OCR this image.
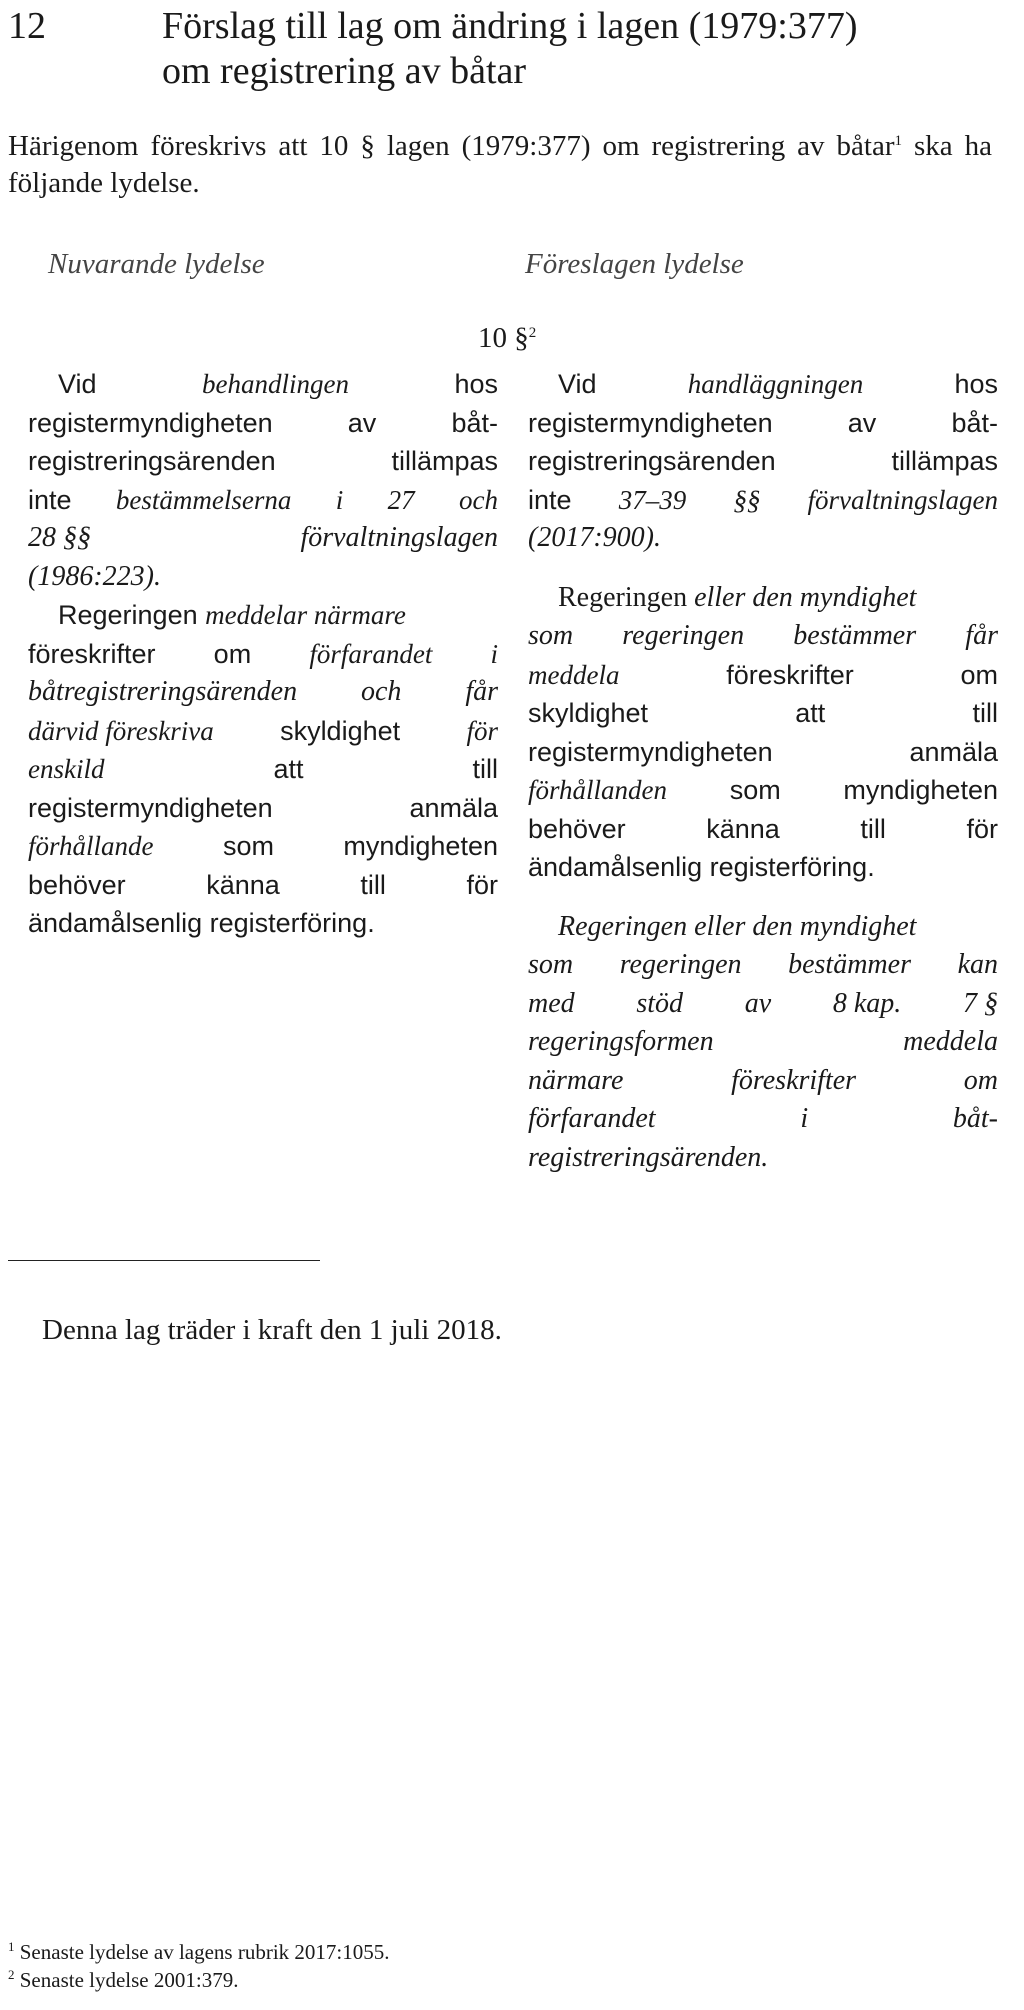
12	Förslag till lag om ändring i lagen (1979:377)
om registrering av båtar
Härigenom föreskrivs att 10 § lagen (1979:377) om registrering av båtar$^1$ ska ha följande lydelse.
Nuvarande lydelse	Föreslagen lydelse
10 §$^2$
Vid	behandlingen	hos
registermyndigheten	av	båt-
registreringsärenden	tillämpas
inte bestämmelserna i 27 och
28 §§	förvaltningslagen
(1986:223).
Regeringen meddelar närmare
föreskrifter om förfarandet i
båtregistreringsärenden och får
därvid föreskriva skyldighet för
enskild	att	till
registermyndigheten	anmäla
förhållande	som	myndigheten
behöver	känna	till	för
ändamålsenlig registerföring.
Vid	handläggningen	hos
registermyndigheten	av	båt-
registreringsärenden	tillämpas
inte 37–39 §§ förvaltningslagen
(2017:900).
Regeringen eller den myndighet
som regeringen bestämmer får
meddela	föreskrifter	om
skyldighet	att	till
registermyndigheten	anmäla
förhållanden som myndigheten
behöver	känna	till	för
ändamålsenlig registerföring.
Regeringen eller den myndighet
som regeringen bestämmer kan
med stöd av 8 kap. 7 §
regeringsformen	meddela
närmare	föreskrifter	om
förfarandet	i	båt-
registreringsärenden.
Denna lag träder i kraft den 1 juli 2018.
$^1$ Senaste lydelse av lagens rubrik 2017:1055.
$^2$ Senaste lydelse 2001:379.
